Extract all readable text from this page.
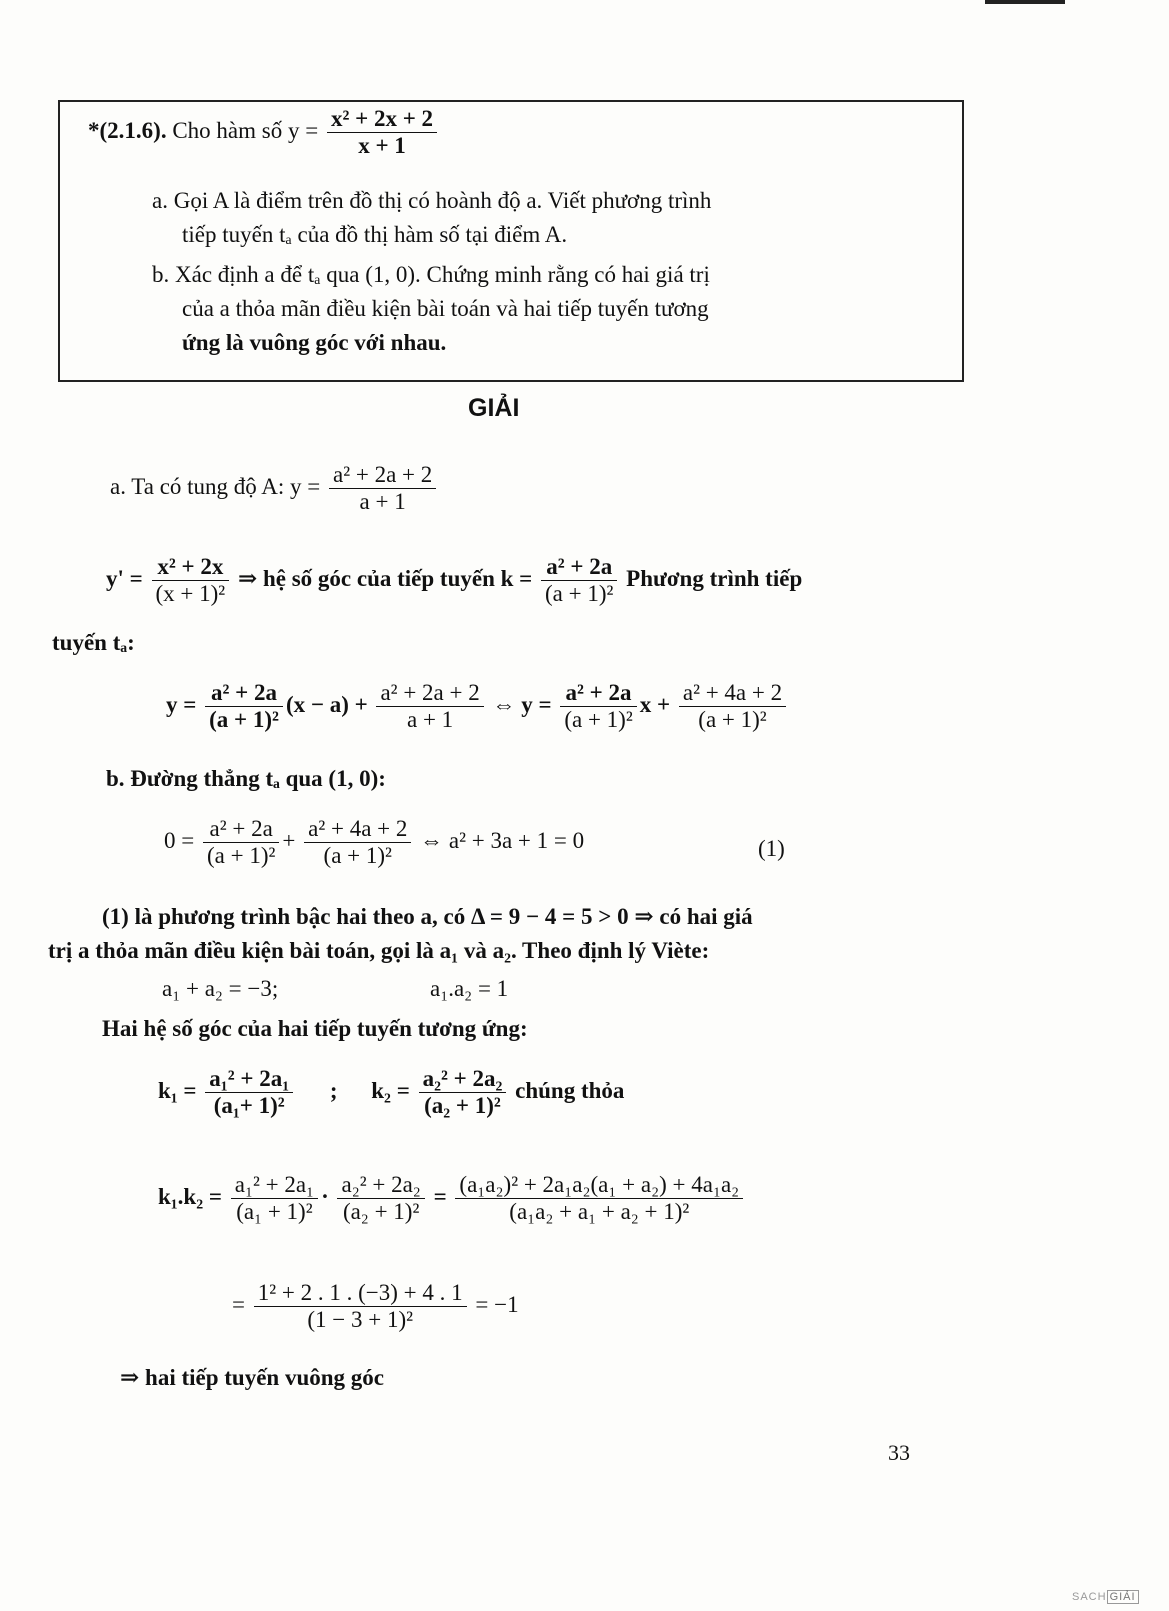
*(2.1.6). Cho hàm số $y = \frac{\text{x² + 2x + 2}}{x + 1}$
a. Gọi A là điểm trên đồ thị có hoành độ a. Viết phương trình
tiếp tuyến tₐ của đồ thị hàm số tại điểm A.
b. Xác định a để tₐ qua (1, 0). Chứng minh rằng có hai giá trị
của a thỏa mãn điều kiện bài toán và hai tiếp tuyến tương
ứng là vuông góc với nhau.
GIẢI
a. Ta có tung độ A: $y = \frac{\text{a² + 2a + 2}}{a + 1}$
$y' = \frac{\text{x² + 2x}}{\text{(x + 1)²}}$ ⇒ hệ số góc của tiếp tuyến $k = \frac{\text{a² + 2a}}{\text{(a + 1)²}}$ Phương trình tiếp
tuyến tₐ:
$y = \frac{\text{a² + 2a}}{\text{(a + 1)²}} (x - a) + \frac{\text{a² + 2a + 2}}{a + 1}$ ⇔ $y = \frac{\text{a² + 2a}}{\text{(a + 1)²}}$ $x + \frac{\text{a² + 4a + 2}}{\text{(a + 1)²}}$
b. Đường thẳng tₐ qua (1, 0):
$0 = \frac{\text{a² + 2a}}{\text{(a + 1)²}} + \frac{\text{a² + 4a + 2}}{\text{(a + 1)²}}$ ⇔ a² + 3a + 1 = 0	(1)
(1) là phương trình bậc hai theo a, có Δ = 9 − 4 = 5 > 0 ⇒ có hai giá
trị a thỏa mãn điều kiện bài toán, gọi là a₁ và a₂. Theo định lý Viète:
a₁ + a₂ = −3;	a₁.a₂ = 1
Hai hệ số góc của hai tiếp tuyến tương ứng:
$k_1 = \frac{\text{a₁² + 2a₁}}{\text{(a₁+ 1)²}}$ ; $k_2 = \frac{\text{a₂² + 2a₂}}{\text{(a₂ + 1)²}}$ chúng thỏa
$k_1.k_2 = \frac{\text{a₁² + 2a₁}}{\text{(a₁ + 1)²}} \cdot \frac{\text{a₂² + 2a₂}}{\text{(a₂ + 1)²}} = \frac{\text{(a₁a₂)² + 2a₁a₂(a₁ + a₂) + 4a₁a₂}}{\text{(a₁a₂ + a₁ + a₂ + 1)²}}$
= $\frac{\text{1² + 2 . 1 . (−3) + 4 . 1}}{\text{(1 − 3 + 1)²}} = -1$
⇒ hai tiếp tuyến vuông góc
33
SACH GIẢI
